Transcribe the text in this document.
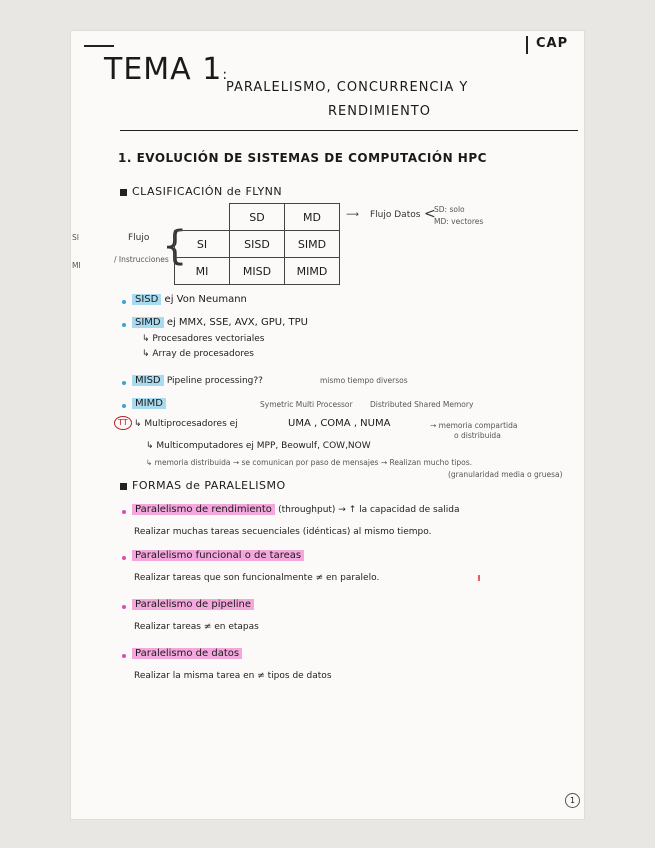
CAP
TEMA 1:
PARALELISMO, CONCURRENCIA Y
RENDIMIENTO
1. EVOLUCIÓN DE SISTEMAS DE COMPUTACIÓN HPC
CLASIFICACIÓN de FLYNN
SI
MI
Flujo
/ Instrucciones
{
	SD	MD
SI	SISD	SIMD
MI	MISD	MIMD
⟶ Flujo Datos <
SD: solo
MD: vectores
SISD ej Von Neumann
SIMD ej MMX, SSE, AVX, GPU, TPU
↳ Procesadores vectoriales
↳ Array de procesadores
MISD Pipeline processing??	mismo tiempo diversos
MIMD	Symetric Multi Processor Distributed Shared Memory
TT ↳ Multiprocesadores ej	UMA , COMA , NUMA	→ memoria compartida
o distribuida
↳ Multicomputadores ej MPP, Beowulf, COW,NOW
↳ memoria distribuida → se comunican por paso de mensajes → Realizan mucho tipos.
(granularidad media o gruesa)
FORMAS de PARALELISMO
Paralelismo de rendimiento (throughput) → ↑ la capacidad de salida
Realizar muchas tareas secuenciales (idénticas) al mismo tiempo.
Paralelismo funcional o de tareas
Realizar tareas que son funcionalmente ≠ en paralelo.
Paralelismo de pipeline
Realizar tareas ≠ en etapas
Paralelismo de datos
Realizar la misma tarea en ≠ tipos de datos
1
